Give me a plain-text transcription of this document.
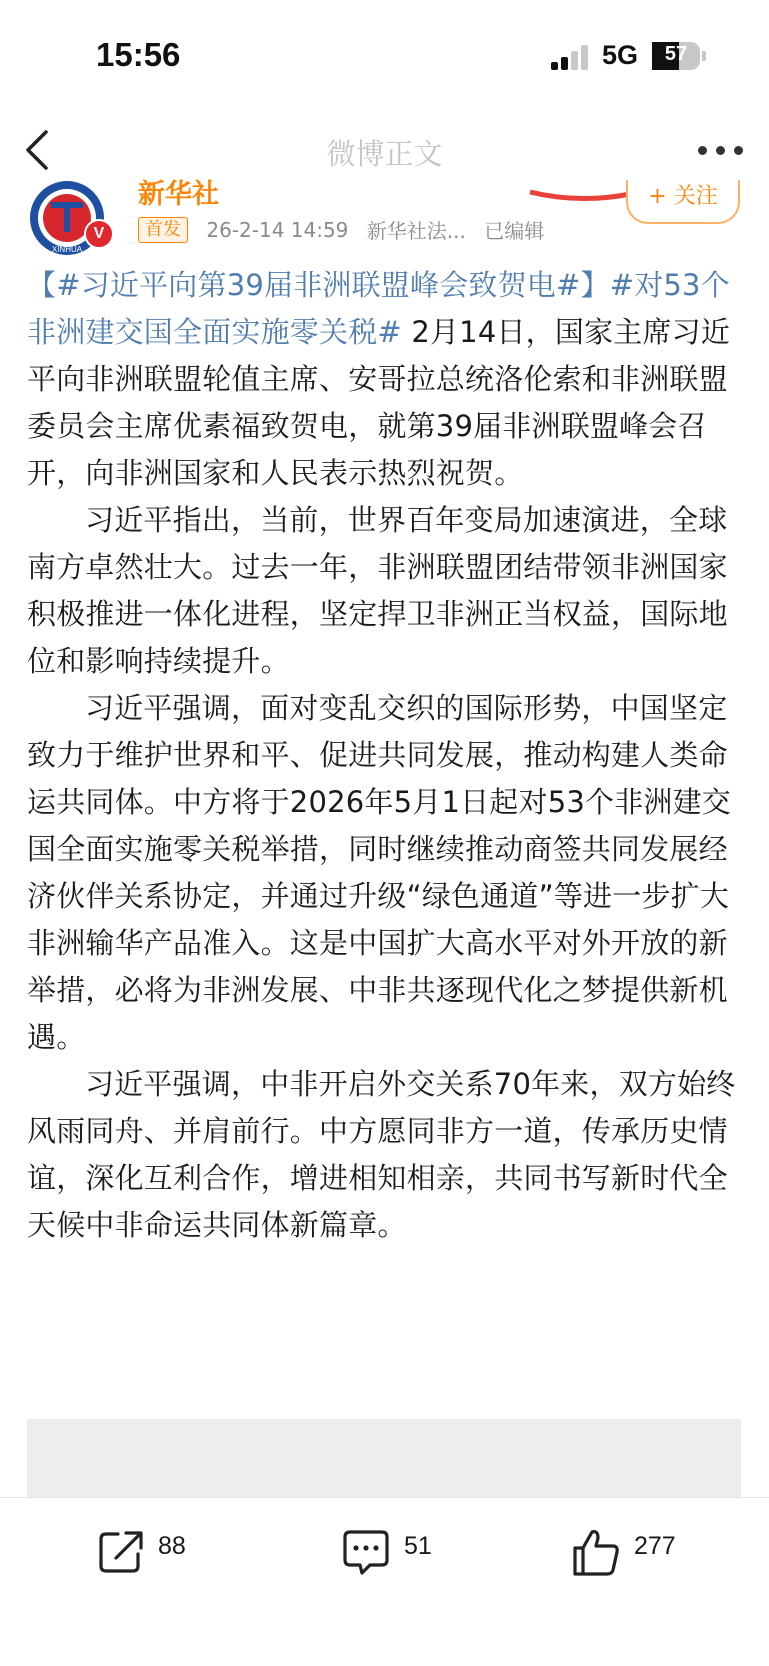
15:56	5G	57
微博正文
XINHUA
新华社
V
+ 关注
首发 26-2-14 14:59 新华社法... 已编辑

【#习近平向第39届非洲联盟峰会致贺电#】#对53个非洲建交国全面实施零关税# 2月14日，国家主席习近平向非洲联盟轮值主席、安哥拉总统洛伦索和非洲联盟委员会主席优素福致贺电，就第39届非洲联盟峰会召开，向非洲国家和人民表示热烈祝贺。

习近平指出，当前，世界百年变局加速演进，全球南方卓然壮大。过去一年，非洲联盟团结带领非洲国家积极推进一体化进程，坚定捍卫非洲正当权益，国际地位和影响持续提升。

习近平强调，面对变乱交织的国际形势，中国坚定致力于维护世界和平、促进共同发展，推动构建人类命运共同体。中方将于2026年5月1日起对53个非洲建交国全面实施零关税举措，同时继续推动商签共同发展经济伙伴关系协定，并通过升级“绿色通道”等进一步扩大非洲输华产品准入。这是中国扩大高水平对外开放的新举措，必将为非洲发展、中非共逐现代化之梦提供新机遇。

习近平强调，中非开启外交关系70年来，双方始终风雨同舟、并肩前行。中方愿同非方一道，传承历史情谊，深化互利合作，增进相知相亲，共同书写新时代全天候中非命运共同体新篇章。

88	51	277
